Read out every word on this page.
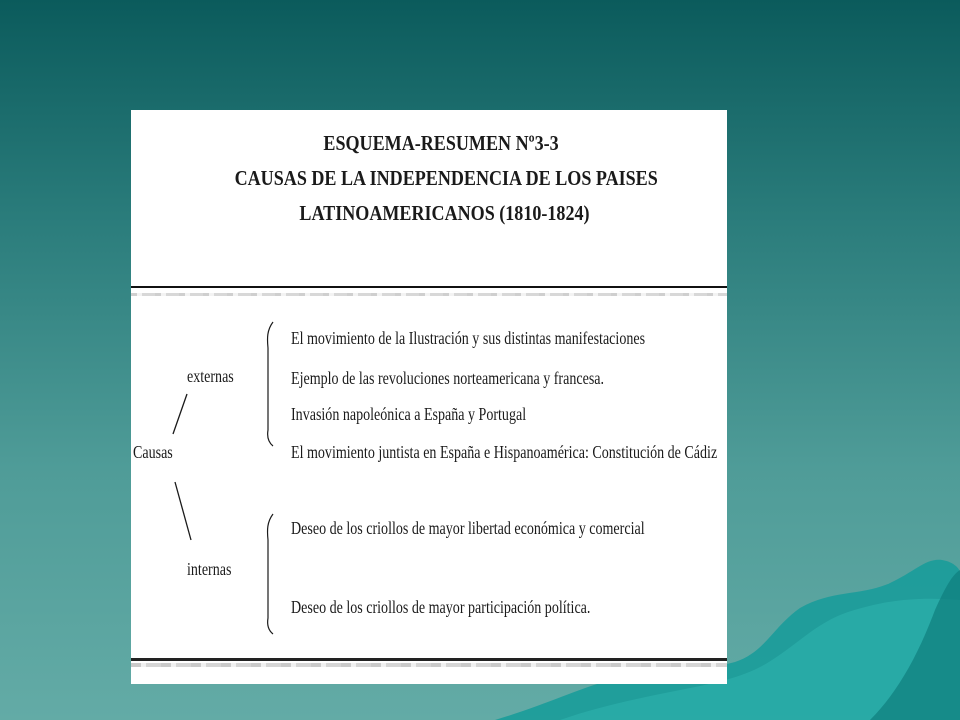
ESQUEMA-RESUMEN Nº3-3
CAUSAS DE LA INDEPENDENCIA DE LOS PAISES
LATINOAMERICANOS (1810-1824)
Causas
externas
internas
El movimiento de la Ilustración y sus distintas manifestaciones
Ejemplo de las revoluciones norteamericana y francesa.
Invasión napoleónica a España y Portugal
El movimiento juntista en España e Hispanoamérica: Constitución de Cádiz
Deseo de los criollos de mayor libertad económica y comercial
Deseo de los criollos de mayor participación política.
